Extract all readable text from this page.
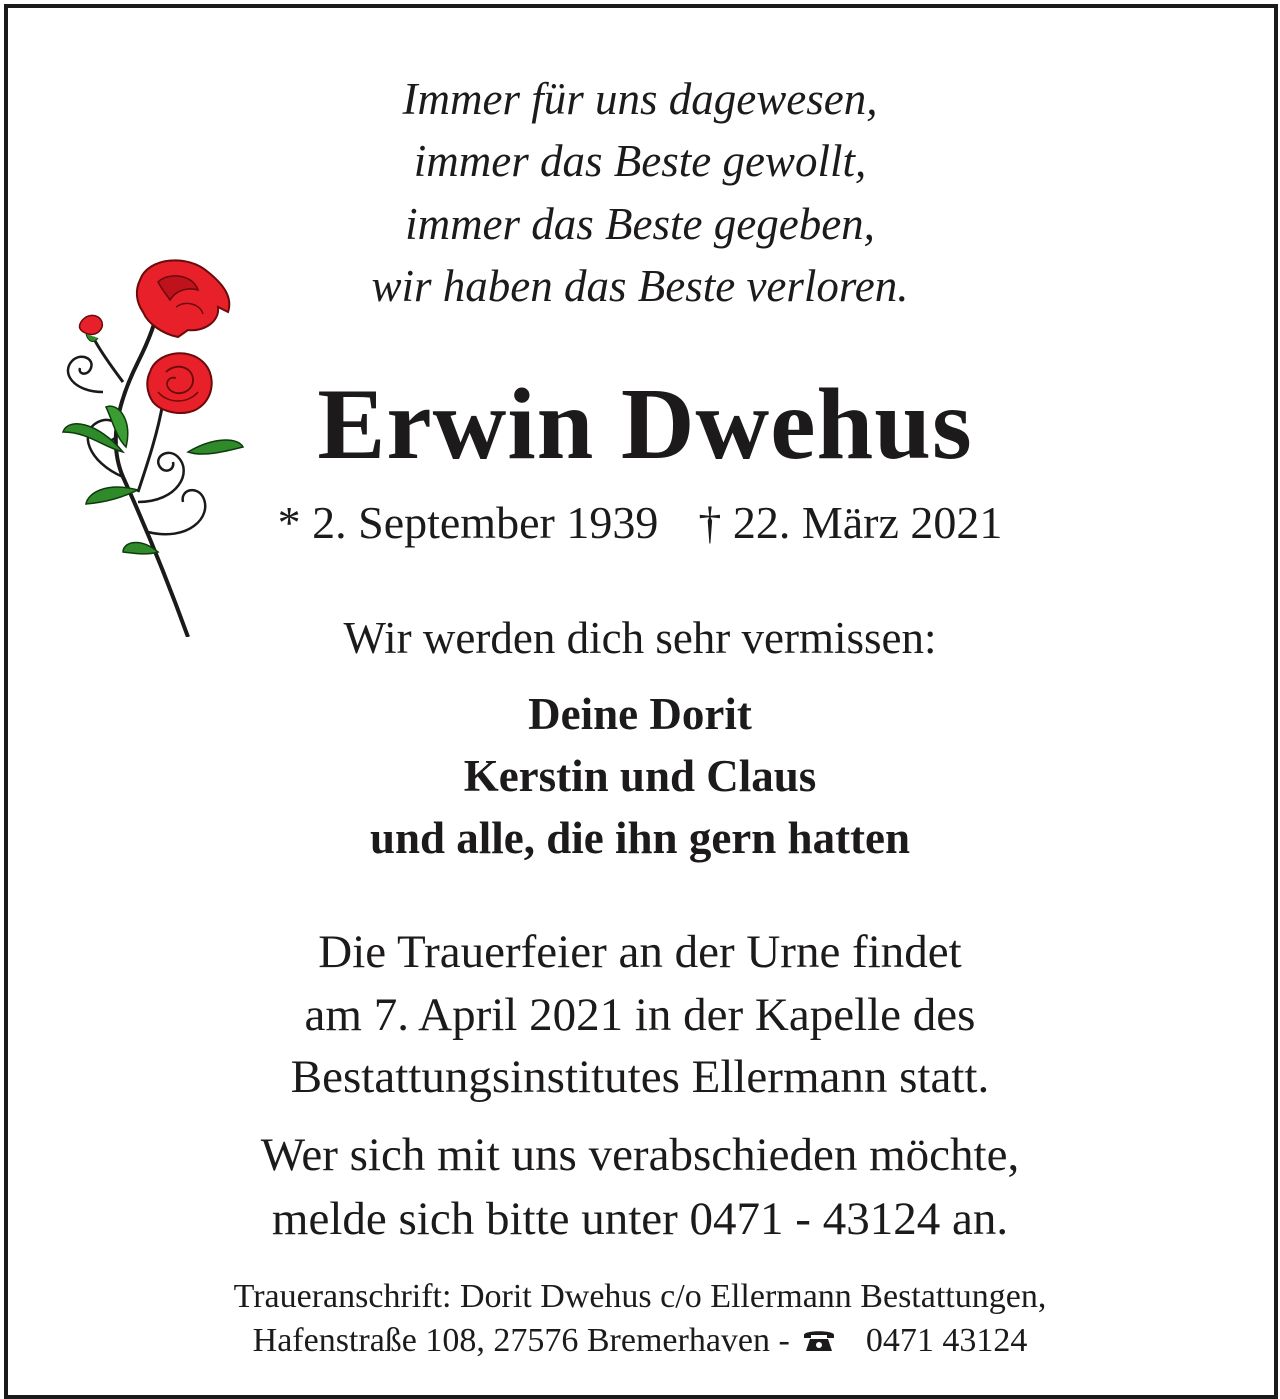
Immer für uns dagewesen,
immer das Beste gewollt,
immer das Beste gegeben,
wir haben das Beste verloren.
Erwin Dwehus
* 2. September 1939 † 22. März 2021
Wir werden dich sehr vermissen:
Deine Dorit
Kerstin und Claus
und alle, die ihn gern hatten
Die Trauerfeier an der Urne findet
am 7. April 2021 in der Kapelle des
Bestattungsinstitutes Ellermann statt.
Wer sich mit uns verabschieden möchte,
melde sich bitte unter 0471 - 43124 an.
Traueranschrift: Dorit Dwehus c/o Ellermann Bestattungen,
Hafenstraße 108, 27576 Bremerhaven - 0471 43124
